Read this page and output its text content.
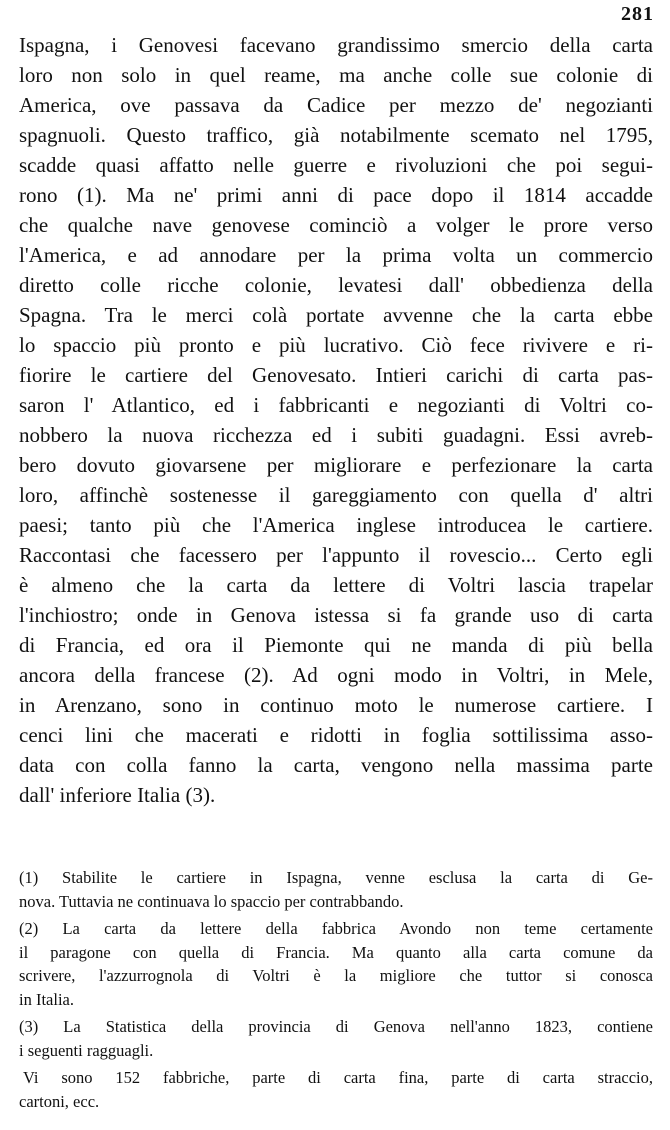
281
Ispagna, i Genovesi facevano grandissimo smercio della carta
loro non solo in quel reame, ma anche colle sue colonie di
America, ove passava da Cadice per mezzo de' negozianti
spagnuoli. Questo traffico, già notabilmente scemato nel 1795,
scadde quasi affatto nelle guerre e rivoluzioni che poi segui-
rono (1). Ma ne' primi anni di pace dopo il 1814 accadde
che qualche nave genovese cominciò a volger le prore verso
l'America, e ad annodare per la prima volta un commercio
diretto colle ricche colonie, levatesi dall' obbedienza della
Spagna. Tra le merci colà portate avvenne che la carta ebbe
lo spaccio più pronto e più lucrativo. Ciò fece rivivere e ri-
fiorire le cartiere del Genovesato. Intieri carichi di carta pas-
saron l' Atlantico, ed i fabbricanti e negozianti di Voltri co-
nobbero la nuova ricchezza ed i subiti guadagni. Essi avreb-
bero dovuto giovarsene per migliorare e perfezionare la carta
loro, affinchè sostenesse il gareggiamento con quella d' altri
paesi; tanto più che l'America inglese introducea le cartiere.
Raccontasi che facessero per l'appunto il rovescio... Certo egli
è almeno che la carta da lettere di Voltri lascia trapelar
l'inchiostro; onde in Genova istessa si fa grande uso di carta
di Francia, ed ora il Piemonte qui ne manda di più bella
ancora della francese (2). Ad ogni modo in Voltri, in Mele,
in Arenzano, sono in continuo moto le numerose cartiere. I
cenci lini che macerati e ridotti in foglia sottilissima asso-
data con colla fanno la carta, vengono nella massima parte
dall' inferiore Italia (3).
(1) Stabilite le cartiere in Ispagna, venne esclusa la carta di Ge-
nova. Tuttavia ne continuava lo spaccio per contrabbando.
(2) La carta da lettere della fabbrica Avondo non teme certamente
il paragone con quella di Francia. Ma quanto alla carta comune da
scrivere, l'azzurrognola di Voltri è la migliore che tuttor si conosca
in Italia.
(3) La Statistica della provincia di Genova nell'anno 1823, contiene
i seguenti ragguagli.
Vi sono 152 fabbriche, parte di carta fina, parte di carta straccio,
cartoni, ecc.
